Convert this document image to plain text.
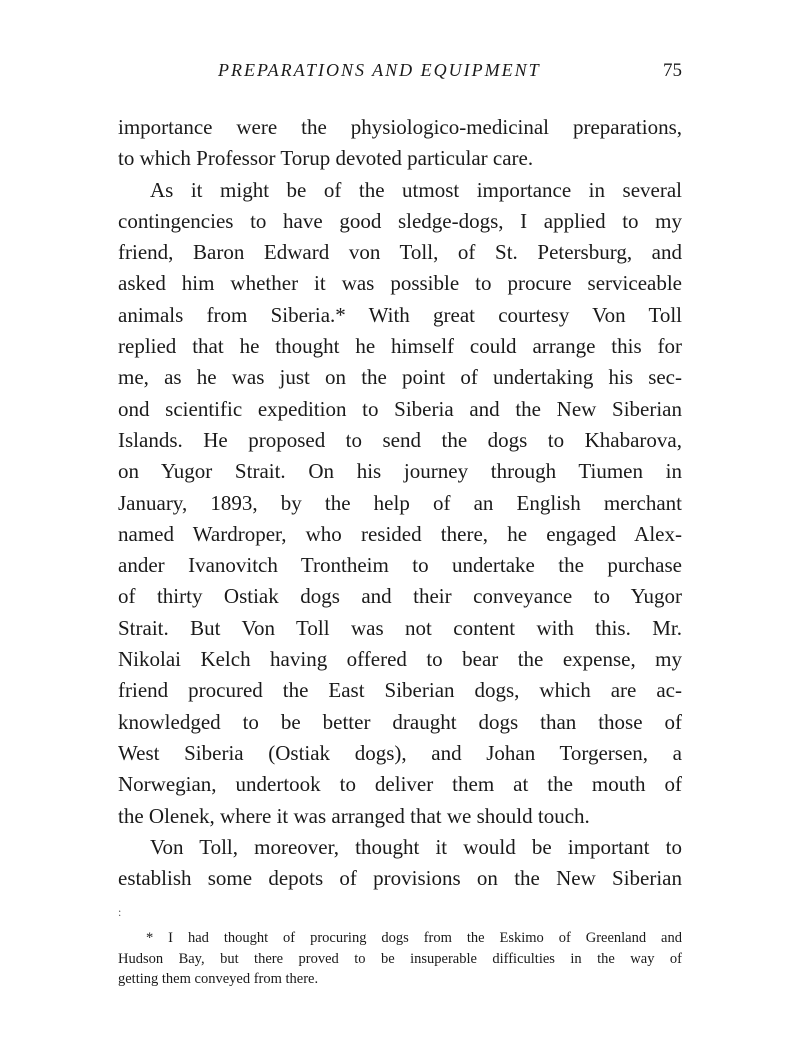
PREPARATIONS AND EQUIPMENT	75
importance were the physiologico-medicinal preparations,
to which Professor Torup devoted particular care.
As it might be of the utmost importance in several
contingencies to have good sledge-dogs, I applied to my
friend, Baron Edward von Toll, of St. Petersburg, and
asked him whether it was possible to procure serviceable
animals from Siberia.* With great courtesy Von Toll
replied that he thought he himself could arrange this for
me, as he was just on the point of undertaking his sec-
ond scientific expedition to Siberia and the New Siberian
Islands. He proposed to send the dogs to Khabarova,
on Yugor Strait. On his journey through Tiumen in
January, 1893, by the help of an English merchant
named Wardroper, who resided there, he engaged Alex-
ander Ivanovitch Trontheim to undertake the purchase
of thirty Ostiak dogs and their conveyance to Yugor
Strait. But Von Toll was not content with this. Mr.
Nikolai Kelch having offered to bear the expense, my
friend procured the East Siberian dogs, which are ac-
knowledged to be better draught dogs than those of
West Siberia (Ostiak dogs), and Johan Torgersen, a
Norwegian, undertook to deliver them at the mouth of
the Olenek, where it was arranged that we should touch.
Von Toll, moreover, thought it would be important to
establish some depots of provisions on the New Siberian
:
* I had thought of procuring dogs from the Eskimo of Greenland and
Hudson Bay, but there proved to be insuperable difficulties in the way of
getting them conveyed from there.
